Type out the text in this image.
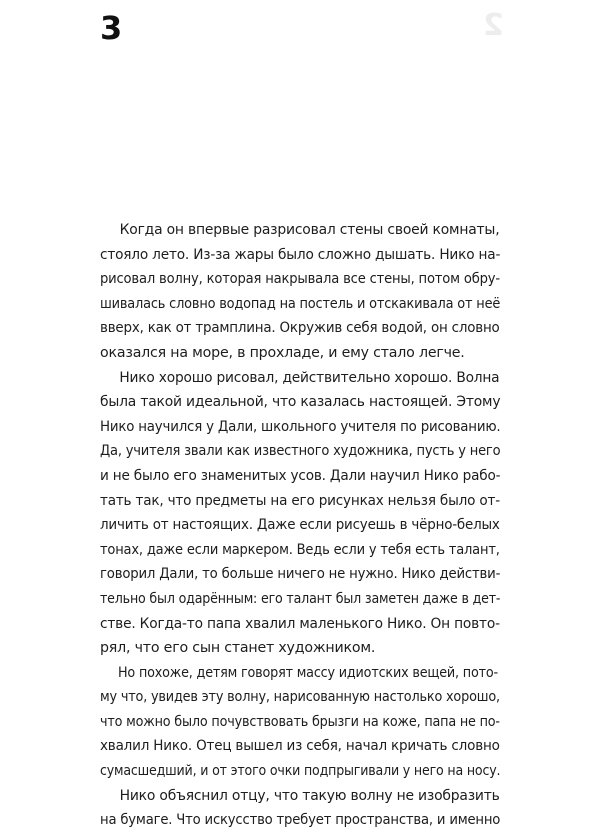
2
3

Когда он впервые разрисовал стены своей комнаты,
стояло лето. Из-за жары было сложно дышать. Нико на-
рисовал волну, которая накрывала все стены, потом обру-
шивалась словно водопад на постель и отскакивала от неё
вверх, как от трамплина. Окружив себя водой, он словно
оказался на море, в прохладе, и ему стало легче.

Нико хорошо рисовал, действительно хорошо. Волна
была такой идеальной, что казалась настоящей. Этому
Нико научился у Дали, школьного учителя по рисованию.
Да, учителя звали как известного художника, пусть у него
и не было его знаменитых усов. Дали научил Нико рабо-
тать так, что предметы на его рисунках нельзя было от-
личить от настоящих. Даже если рисуешь в чёрно-белых
тонах, даже если маркером. Ведь если у тебя есть талант,
говорил Дали, то больше ничего не нужно. Нико действи-
тельно был одарённым: его талант был заметен даже в дет-
стве. Когда-то папа хвалил маленького Нико. Он повто-
рял, что его сын станет художником.

Но похоже, детям говорят массу идиотских вещей, пото-
му что, увидев эту волну, нарисованную настолько хорошо,
что можно было почувствовать брызги на коже, папа не по-
хвалил Нико. Отец вышел из себя, начал кричать словно
сумасшедший, и от этого очки подпрыгивали у него на носу.

Нико объяснил отцу, что такую волну не изобразить
на бумаге. Что искусство требует пространства, и именно
